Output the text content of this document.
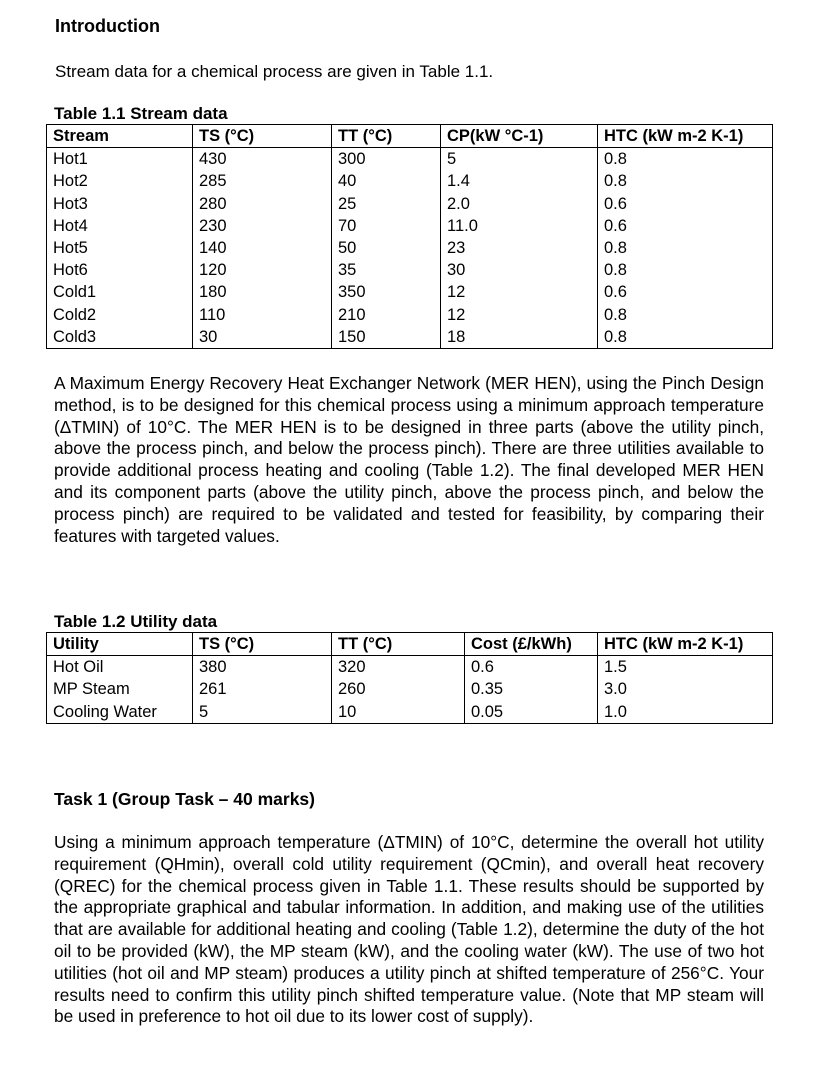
Introduction
Stream data for a chemical process are given in Table 1.1.
Table 1.1 Stream data
Stream	TS (°C)	TT (°C)	CP(kW °C-1)	HTC (kW m-2 K-1)
Hot1	430	300	5	0.8
Hot2	285	40	1.4	0.8
Hot3	280	25	2.0	0.6
Hot4	230	70	11.0	0.6
Hot5	140	50	23	0.8
Hot6	120	35	30	0.8
Cold1	180	350	12	0.6
Cold2	110	210	12	0.8
Cold3	30	150	18	0.8
A Maximum Energy Recovery Heat Exchanger Network (MER HEN), using the Pinch Design method, is to be designed for this chemical process using a minimum approach temperature (ΔTMIN) of 10°C. The MER HEN is to be designed in three parts (above the utility pinch, above the process pinch, and below the process pinch). There are three utilities available to provide additional process heating and cooling (Table 1.2). The final developed MER HEN and its component parts (above the utility pinch, above the process pinch, and below the process pinch) are required to be validated and tested for feasibility, by comparing their features with targeted values.
Table 1.2 Utility data
Utility	TS (°C)	TT (°C)	Cost (£/kWh)	HTC (kW m-2 K-1)
Hot Oil	380	320	0.6	1.5
MP Steam	261	260	0.35	3.0
Cooling Water	5	10	0.05	1.0
Task 1 (Group Task – 40 marks)
Using a minimum approach temperature (ΔTMIN) of 10°C, determine the overall hot utility requirement (QHmin), overall cold utility requirement (QCmin), and overall heat recovery (QREC) for the chemical process given in Table 1.1. These results should be supported by the appropriate graphical and tabular information. In addition, and making use of the utilities that are available for additional heating and cooling (Table 1.2), determine the duty of the hot oil to be provided (kW), the MP steam (kW), and the cooling water (kW). The use of two hot utilities (hot oil and MP steam) produces a utility pinch at shifted temperature of 256°C. Your results need to confirm this utility pinch shifted temperature value. (Note that MP steam will be used in preference to hot oil due to its lower cost of supply).
